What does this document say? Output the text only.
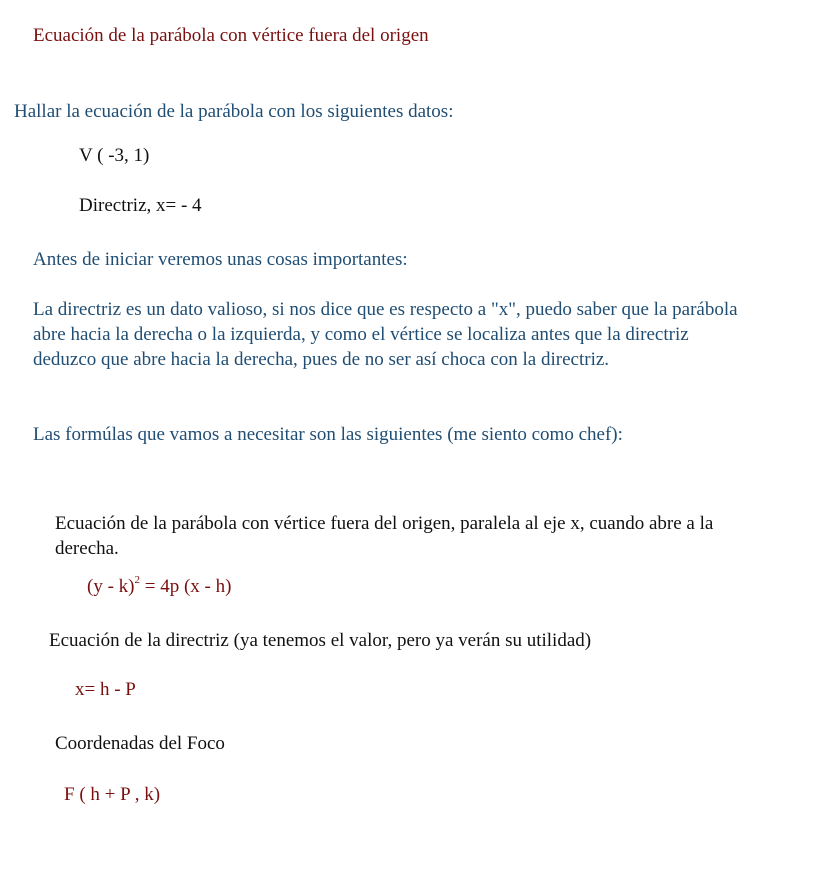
Ecuación de la parábola con vértice fuera del origen
Hallar la ecuación de la parábola con los siguientes datos:
V ( -3, 1)
Directriz, x= - 4
Antes de iniciar veremos unas cosas importantes:
La directriz es un dato valioso, si nos dice que es respecto a "x", puedo saber que la parábola abre hacia la derecha o la izquierda, y como el vértice se localiza antes que la directriz deduzco que abre hacia la derecha, pues de no ser así choca con la directriz.
Las formúlas que vamos a necesitar son las siguientes (me siento como chef):
Ecuación de la parábola con vértice fuera del origen, paralela al eje x, cuando abre a la derecha.
(y - k)$^2$ = 4p (x - h)
Ecuación de la directriz (ya tenemos el valor, pero ya verán su utilidad)
x= h - P
Coordenadas del Foco
F ( h + P , k)
